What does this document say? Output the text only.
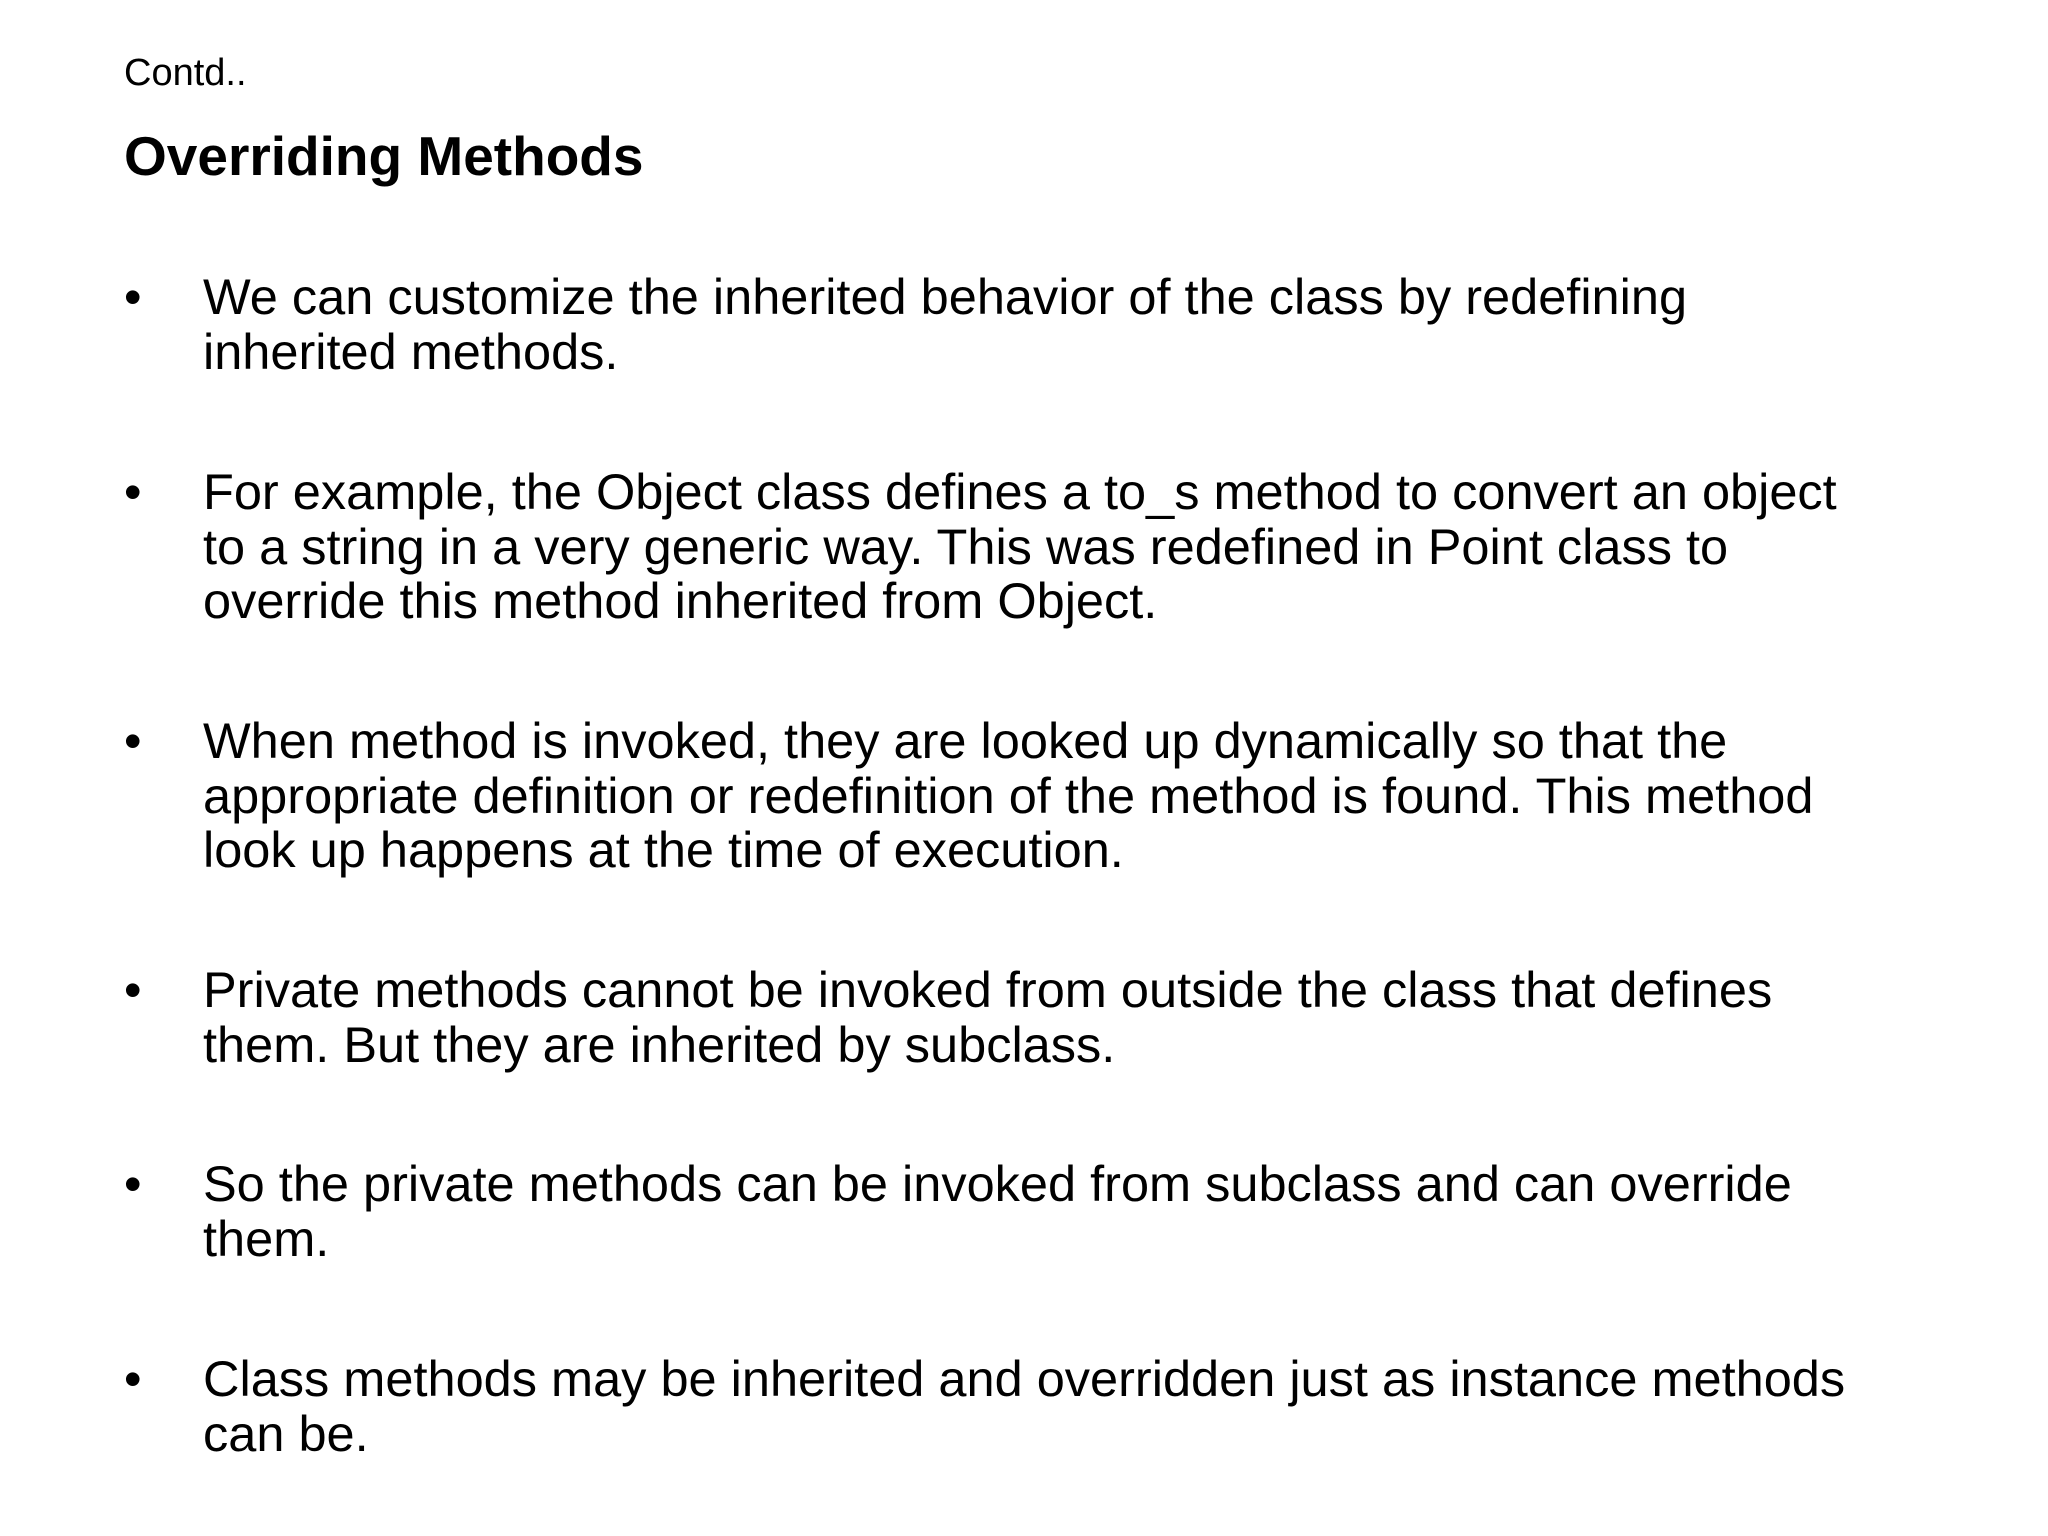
Contd..
Overriding Methods
• We can customize the inherited behavior of the class by redefining
inherited methods.
• For example, the Object class defines a to_s method to convert an object
to a string in a very generic way. This was redefined in Point class to
override this method inherited from Object.
• When method is invoked, they are looked up dynamically so that the
appropriate definition or redefinition of the method is found. This method
look up happens at the time of execution.
• Private methods cannot be invoked from outside the class that defines
them. But they are inherited by subclass.
• So the private methods can be invoked from subclass and can override
them.
• Class methods may be inherited and overridden just as instance methods
can be.
